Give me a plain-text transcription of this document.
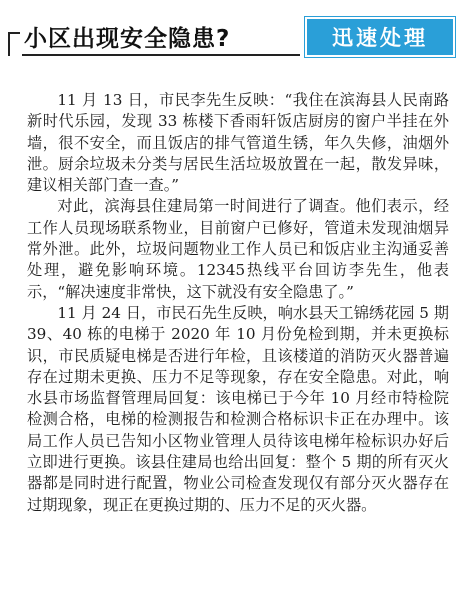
小区出现安全隐患?	迅速处理

11 月 13 日，市民李先生反映：“我住在滨海县人民南路新时代乐园，发现 33 栋楼下香雨轩饭店厨房的窗户半挂在外墙，很不安全，而且饭店的排气管道生锈，年久失修，油烟外泄。厨余垃圾未分类与居民生活垃圾放置在一起，散发异味，建议相关部门查一查。”

对此，滨海县住建局第一时间进行了调查。他们表示，经工作人员现场联系物业，目前窗户已修好，管道未发现油烟异常外泄。此外，垃圾问题物业工作人员已和饭店业主沟通妥善处理，避免影响环境。12345热线平台回访李先生，他表示，“解决速度非常快，这下就没有安全隐患了。”

11 月 24 日，市民石先生反映，响水县天工锦绣花园 5 期 39、40 栋的电梯于 2020 年 10 月份免检到期，并未更换标识，市民质疑电梯是否进行年检，且该楼道的消防灭火器普遍存在过期未更换、压力不足等现象，存在安全隐患。对此，响水县市场监督管理局回复：该电梯已于今年 10 月经市特检院检测合格，电梯的检测报告和检测合格标识卡正在办理中。该局工作人员已告知小区物业管理人员待该电梯年检标识办好后立即进行更换。该县住建局也给出回复：整个 5 期的所有灭火器都是同时进行配置，物业公司检查发现仅有部分灭火器存在过期现象，现正在更换过期的、压力不足的灭火器。
